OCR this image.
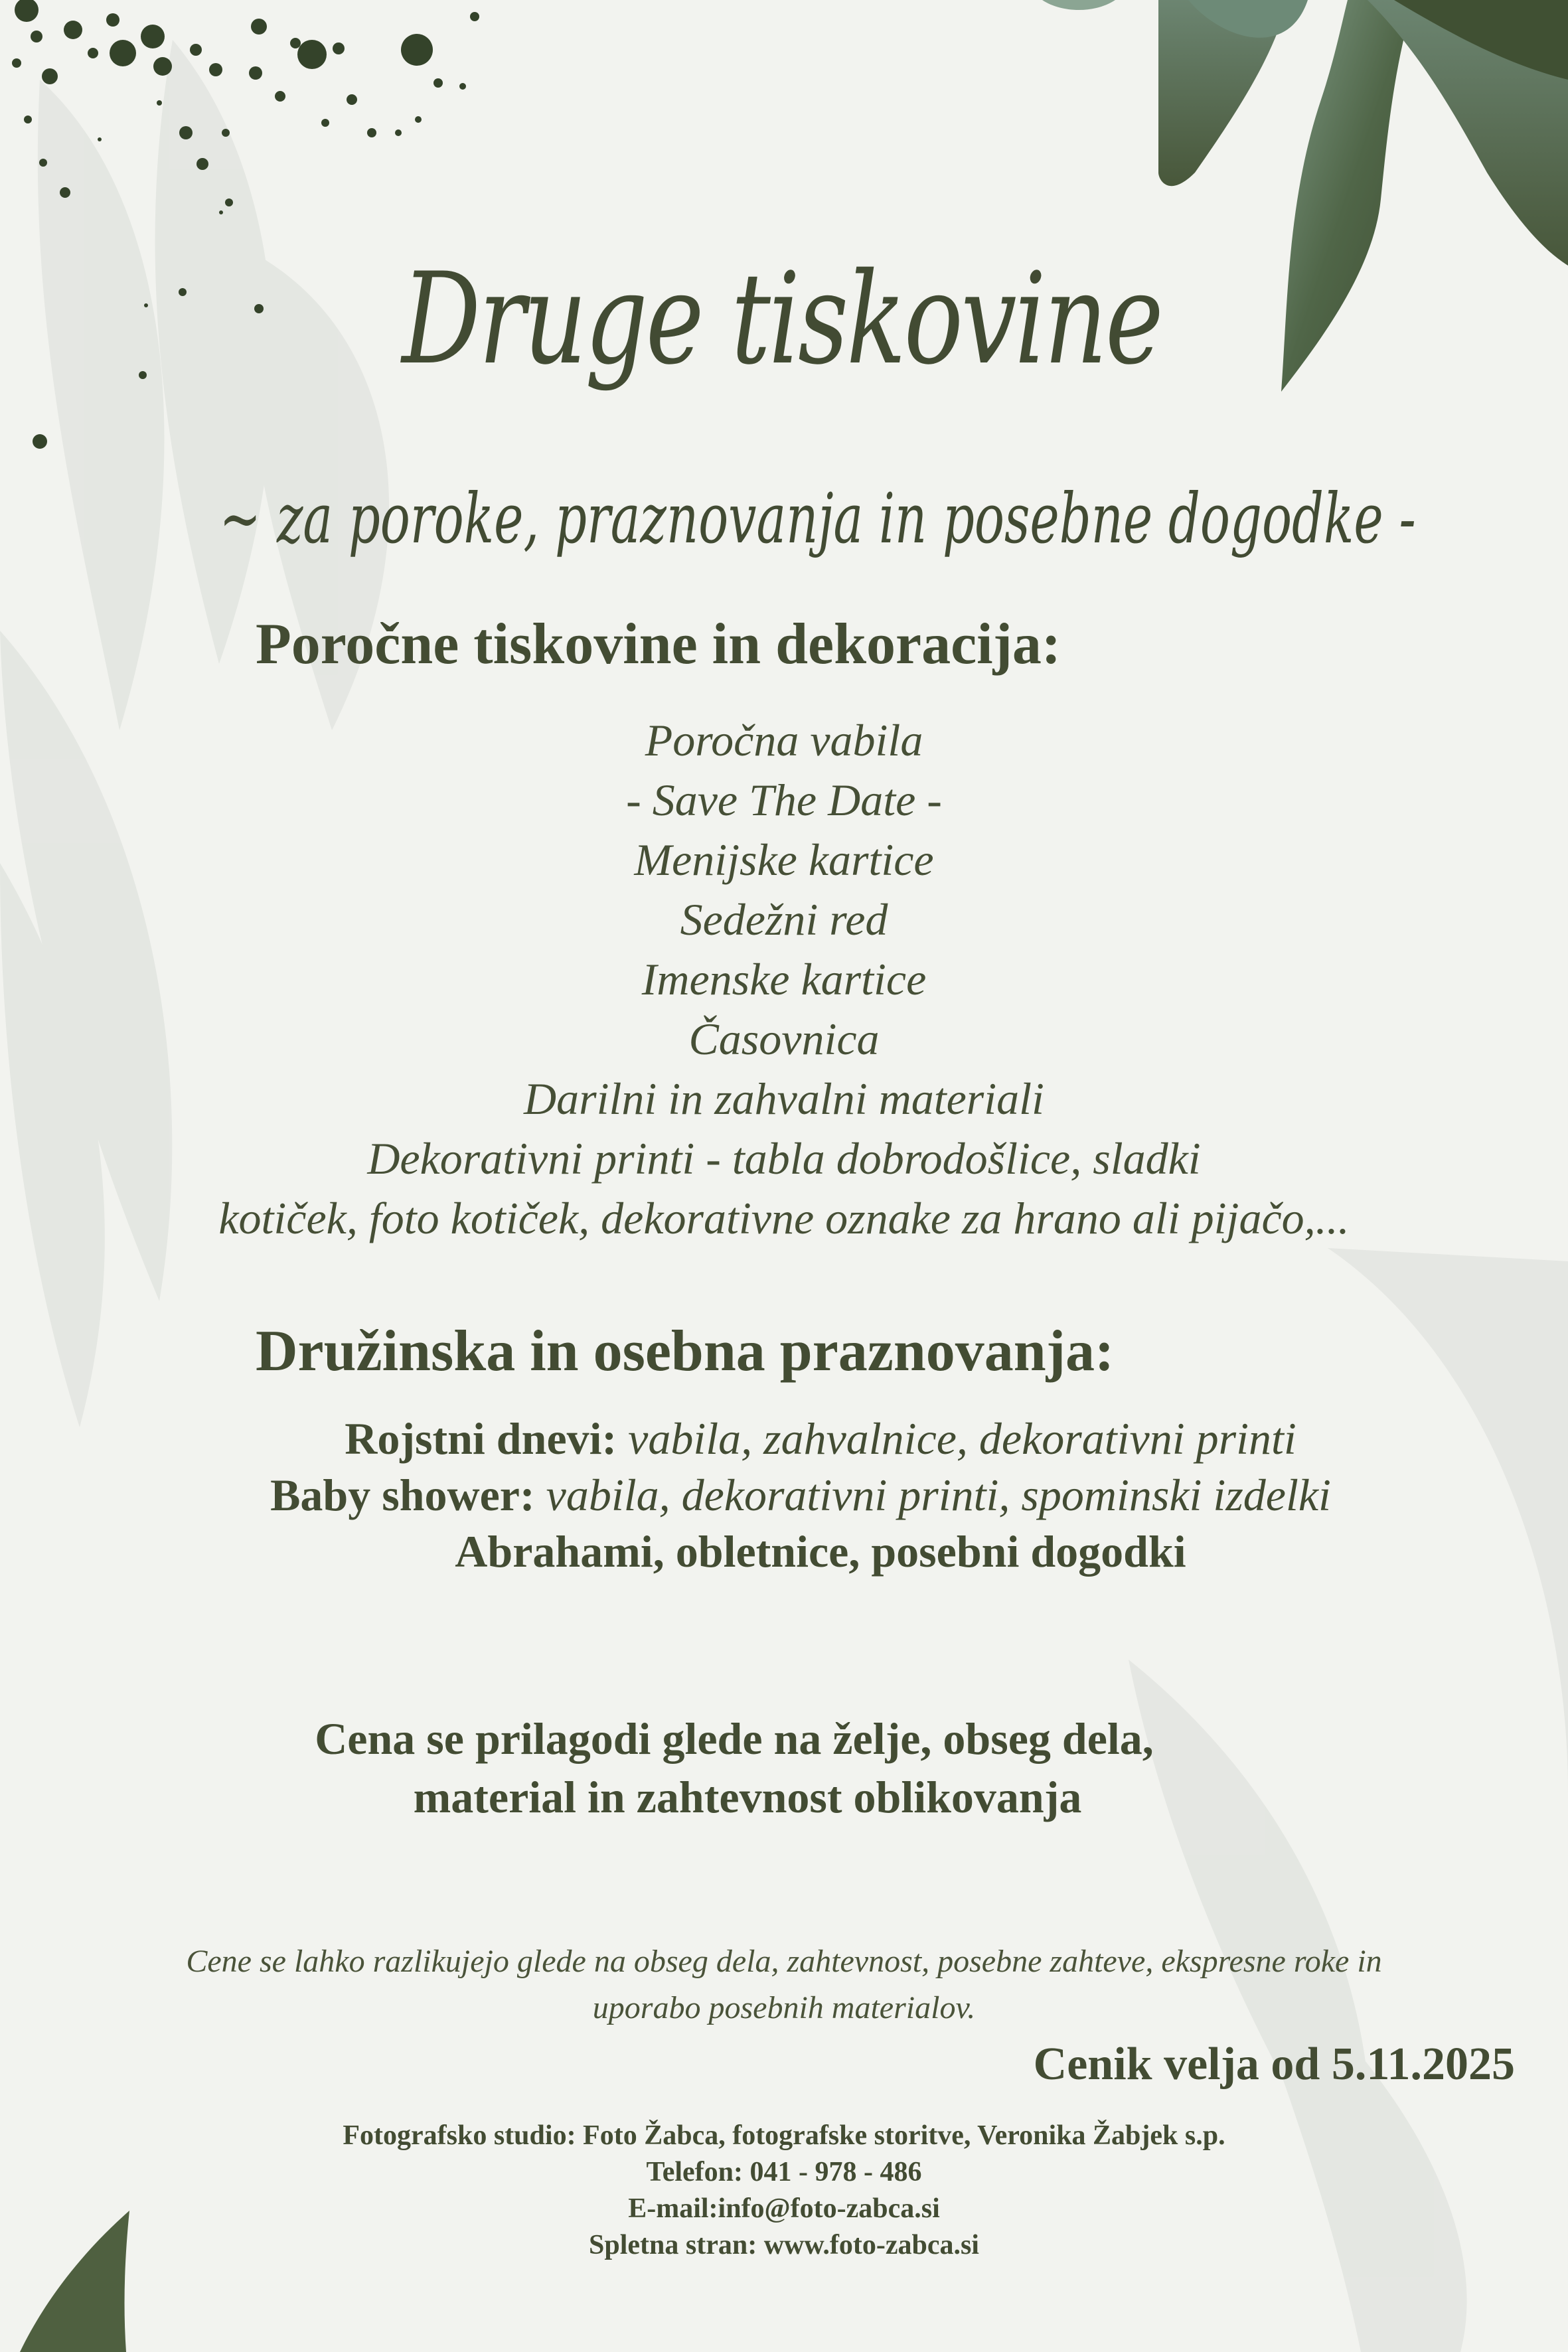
Druge tiskovine
~ za poroke, praznovanja in posebne dogodke -
Poročne tiskovine in dekoracija:
Poročna vabila
- Save The Date -
Menijske kartice
Sedežni red
Imenske kartice
Časovnica
Darilni in zahvalni materiali
Dekorativni printi - tabla dobrodošlice, sladki
kotiček, foto kotiček, dekorativne oznake za hrano ali pijačo,...
Družinska in osebna praznovanja:
Rojstni dnevi: vabila, zahvalnice, dekorativni printi
Baby shower: vabila, dekorativni printi, spominski izdelki
Abrahami, obletnice, posebni dogodki
Cena se prilagodi glede na želje, obseg dela,
material in zahtevnost oblikovanja
Cene se lahko razlikujejo glede na obseg dela, zahtevnost, posebne zahteve, ekspresne roke in
uporabo posebnih materialov.
Cenik velja od 5.11.2025
Fotografsko studio: Foto Žabca, fotografske storitve, Veronika Žabjek s.p.
Telefon: 041 - 978 - 486
E-mail:info@foto-zabca.si
Spletna stran: www.foto-zabca.si
